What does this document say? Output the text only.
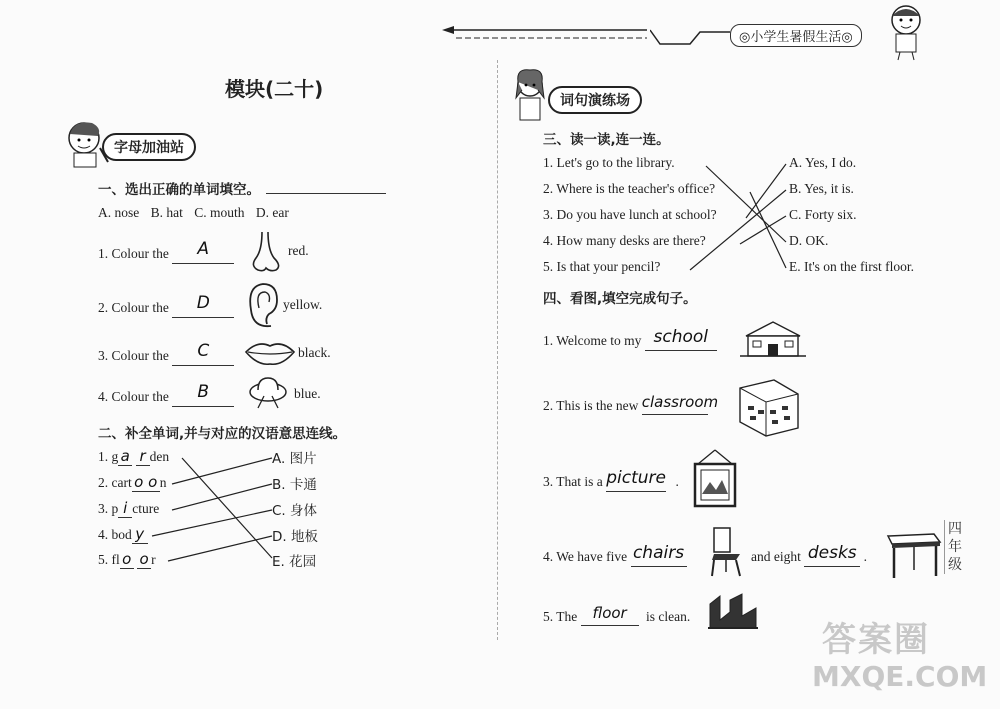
◎小学生暑假生活◎
模块(二十)
字母加油站
一、选出正确的单词填空。
A. nose B. hat C. mouth D. ear
1. Colour the A	red.
2. Colour the D	yellow.
3. Colour the C	black.
4. Colour the B	blue.
二、补全单词,并与对应的汉语意思连线。
1. g a r den
2. cart o o n
3. p i cture
4. bod y
5. fl o o r
A. 图片
B. 卡通
C. 身体
D. 地板
E. 花园
词句演练场
三、读一读,连一连。
1. Let's go to the library.
2. Where is the teacher's office?
3. Do you have lunch at school?
4. How many desks are there?
5. Is that your pencil?
A. Yes, I do.
B. Yes, it is.
C. Forty six.
D. OK.
E. It's on the first floor.
四、看图,填空完成句子。
1. Welcome to my school
2. This is the new classroom
3. That is a picture .
4. We have five chairs	and eight desks .
5. The floor is clean.
四年级
答案圈
MXQE.COM
